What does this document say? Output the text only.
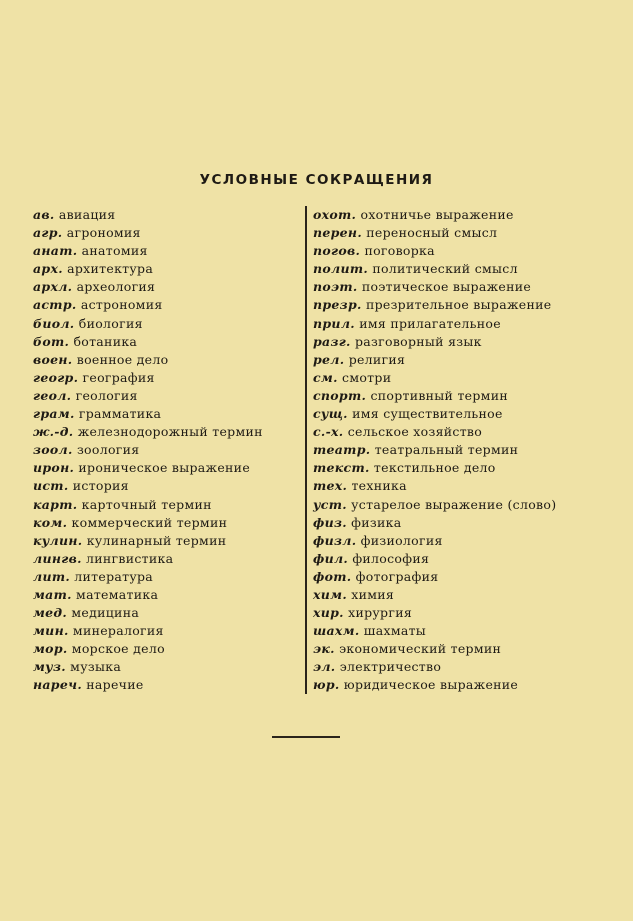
УСЛОВНЫЕ СОКРАЩЕНИЯ
ав. авиация
агр. агрономия
анат. анатомия
арх. архитектура
архл. археология
астр. астрономия
биол. биология
бот. ботаника
воен. военное дело
геогр. география
геол. геология
грам. грамматика
ж.-д. железнодорожный термин
зоол. зоология
ирон. ироническое выражение
ист. история
карт. карточный термин
ком. коммерческий термин
кулин. кулинарный термин
лингв. лингвистика
лит. литература
мат. математика
мед. медицина
мин. минералогия
мор. морское дело
муз. музыка
нареч. наречие
охот. охотничье выражение
перен. переносный смысл
погов. поговорка
полит. политический смысл
поэт. поэтическое выражение
презр. презрительное выражение
прил. имя прилагательное
разг. разговорный язык
рел. религия
см. смотри
спорт. спортивный термин
сущ. имя существительное
с.-х. сельское хозяйство
театр. театральный термин
текст. текстильное дело
тех. техника
уст. устарелое выражение (слово)
физ. физика
физл. физиология
фил. философия
фот. фотография
хим. химия
хир. хирургия
шахм. шахматы
эк. экономический термин
эл. электричество
юр. юридическое выражение
